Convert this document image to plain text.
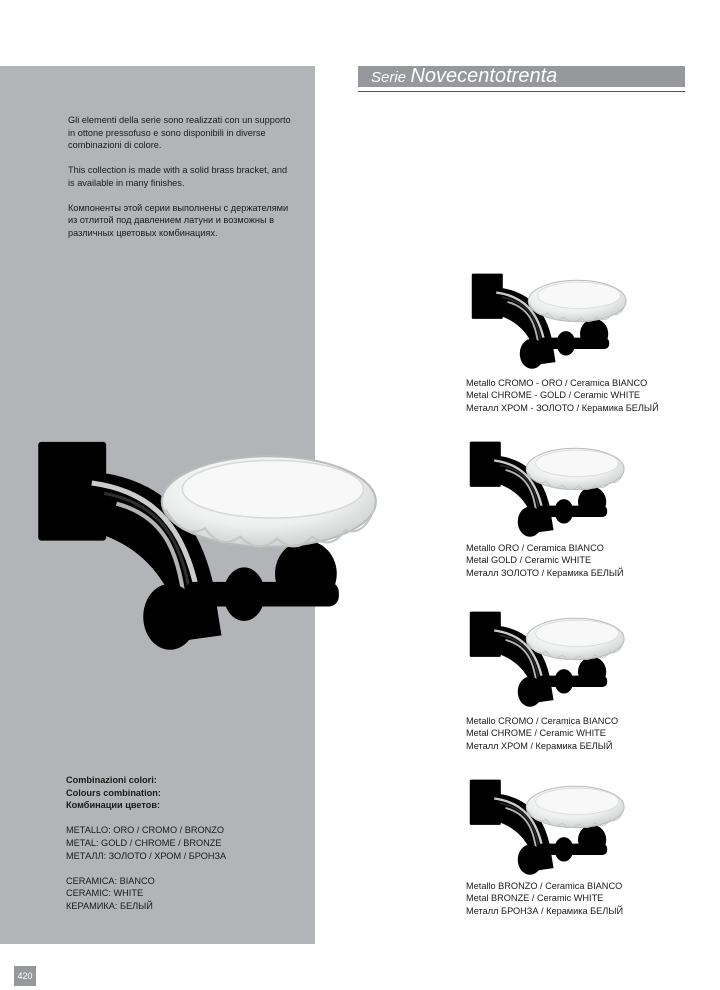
Serie Novecentotrenta

Gli elementi della serie sono realizzati con un supporto in ottone pressofuso e sono disponibili in diverse combinazioni di colore.

This collection is made with a solid brass bracket, and is available in many finishes.

Компоненты этой серии выполнены с держателями из отлитой под давлением латуни и возможны в различных цветовых комбинациях.

Metallo CROMO - ORO / Ceramica BIANCO
Metal CHROME - GOLD / Ceramic WHITE
Металл ХРОМ - ЗОЛОТО / Керамика БЕЛЫЙ
Metallo ORO / Ceramica BIANCO
Metal GOLD / Ceramic WHITE
Металл ЗОЛОТО / Керамика БЕЛЫЙ
Metallo CROMO / Ceramica BIANCO
Metal CHROME / Ceramic WHITE
Металл ХРОМ / Керамика БЕЛЫЙ
Metallo BRONZO / Ceramica BIANCO
Metal BRONZE / Ceramic WHITE
Металл БРОНЗА / Керамика БЕЛЫЙ
Combinazioni colori:
Colours combination:
Комбинации цветов:
METALLO: ORO / CROMO / BRONZO
METAL: GOLD / CHROME / BRONZE
МЕТАЛЛ: ЗОЛОТО / ХРОМ / БРОНЗА
CERAMICA: BIANCO
CERAMIC: WHITE
КЕРАМИКА: БЕЛЫЙ
420
